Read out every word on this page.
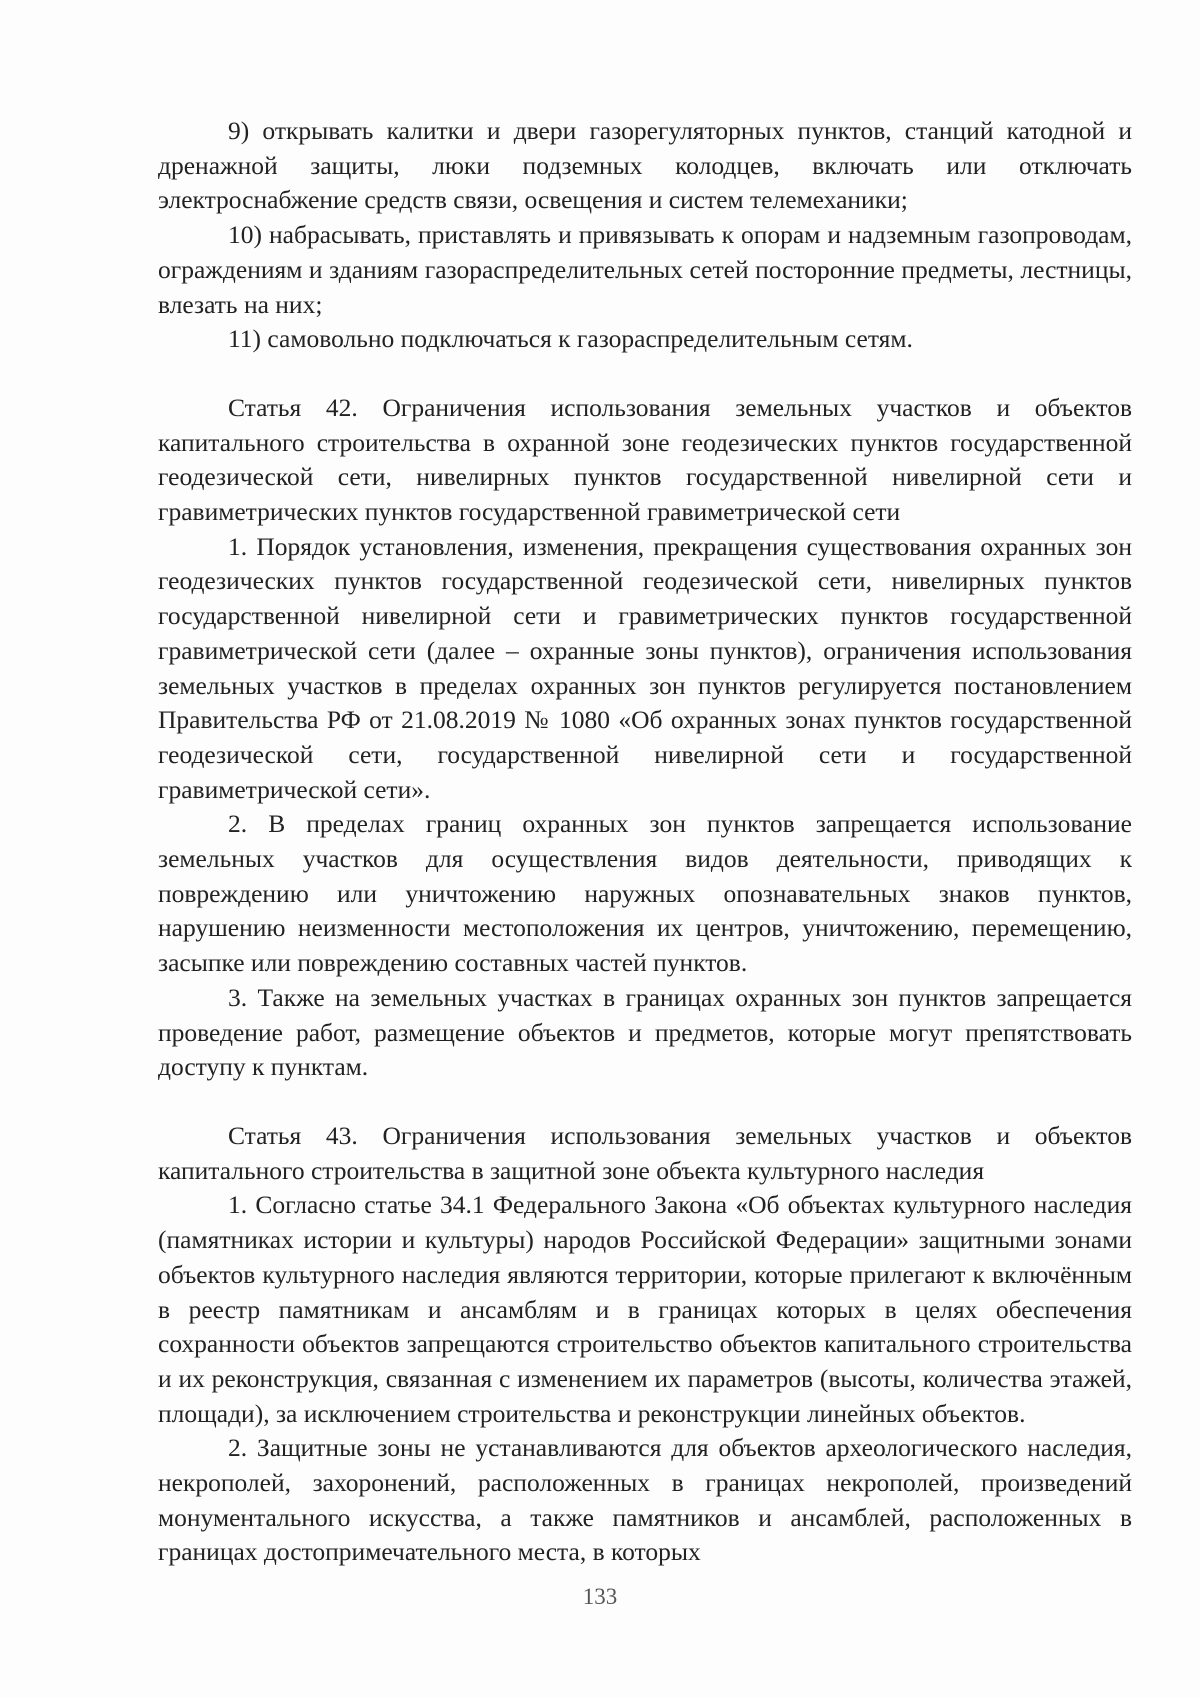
9) открывать калитки и двери газорегуляторных пунктов, станций катодной и дренажной защиты, люки подземных колодцев, включать или отключать электроснабжение средств связи, освещения и систем телемеханики;

10) набрасывать, приставлять и привязывать к опорам и надземным газопроводам, ограждениям и зданиям газораспределительных сетей посторонние предметы, лестницы, влезать на них;

11) самовольно подключаться к газораспределительным сетям.

Статья 42. Ограничения использования земельных участков и объектов капитального строительства в охранной зоне геодезических пунктов государственной геодезической сети, нивелирных пунктов государственной нивелирной сети и гравиметрических пунктов государственной гравиметрической сети

1. Порядок установления, изменения, прекращения существования охранных зон геодезических пунктов государственной геодезической сети, нивелирных пунктов государственной нивелирной сети и гравиметрических пунктов государственной гравиметрической сети (далее – охранные зоны пунктов), ограничения использования земельных участков в пределах охранных зон пунктов регулируется постановлением Правительства РФ от 21.08.2019 № 1080 «Об охранных зонах пунктов государственной геодезической сети, государственной нивелирной сети и государственной гравиметрической сети».

2. В пределах границ охранных зон пунктов запрещается использование земельных участков для осуществления видов деятельности, приводящих к повреждению или уничтожению наружных опознавательных знаков пунктов, нарушению неизменности местоположения их центров, уничтожению, перемещению, засыпке или повреждению составных частей пунктов.

3. Также на земельных участках в границах охранных зон пунктов запрещается проведение работ, размещение объектов и предметов, которые могут препятствовать доступу к пунктам.

Статья 43. Ограничения использования земельных участков и объектов капитального строительства в защитной зоне объекта культурного наследия

1. Согласно статье 34.1 Федерального Закона «Об объектах культурного наследия (памятниках истории и культуры) народов Российской Федерации» защитными зонами объектов культурного наследия являются территории, которые прилегают к включённым в реестр памятникам и ансамблям и в границах которых в целях обеспечения сохранности объектов запрещаются строительство объектов капитального строительства и их реконструкция, связанная с изменением их параметров (высоты, количества этажей, площади), за исключением строительства и реконструкции линейных объектов.

2. Защитные зоны не устанавливаются для объектов археологического наследия, некрополей, захоронений, расположенных в границах некрополей, произведений монументального искусства, а также памятников и ансамблей, расположенных в границах достопримечательного места, в которых

133
